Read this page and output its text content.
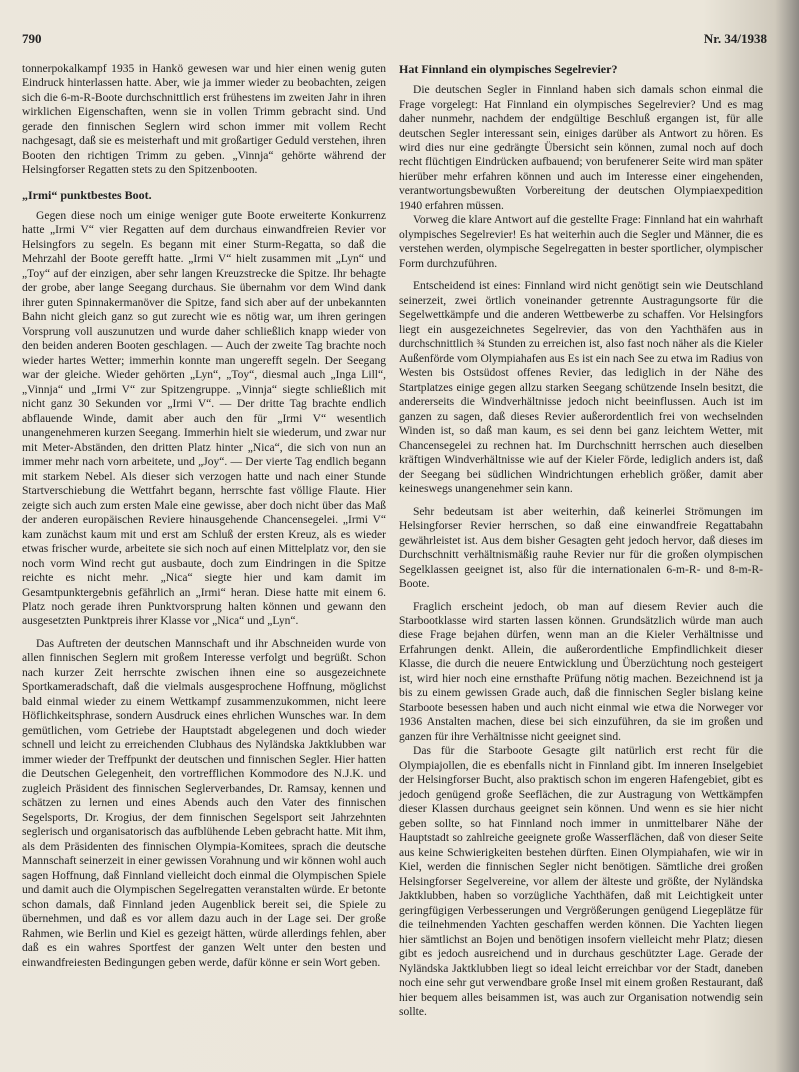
790	Nr. 34/1938

tonnerpokalkampf 1935 in Hankö gewesen war und hier einen wenig guten Eindruck hinterlassen hatte. Aber, wie ja immer wieder zu beobachten, zeigen sich die 6-m-R-Boote durchschnittlich erst frühestens im zweiten Jahr in ihren wirklichen Eigenschaften, wenn sie in vollen Trimm gebracht sind. Und gerade den finnischen Seglern wird schon immer mit vollem Recht nachgesagt, daß sie es meisterhaft und mit großartiger Geduld verstehen, ihren Booten den richtigen Trimm zu geben. „Vinnja“ gehörte während der Helsingforser Regatten stets zu den Spitzenbooten.

„Irmi“ punktbestes Boot.

Gegen diese noch um einige weniger gute Boote erweiterte Konkurrenz hatte „Irmi V“ vier Regatten auf dem durchaus einwandfreien Revier vor Helsingfors zu segeln. Es begann mit einer Sturm-Regatta, so daß die Mehrzahl der Boote gerefft hatte. „Irmi V“ hielt zusammen mit „Lyn“ und „Toy“ auf der einzigen, aber sehr langen Kreuzstrecke die Spitze. Ihr behagte der grobe, aber lange Seegang durchaus. Sie übernahm vor dem Wind dank ihrer guten Spinnakermanöver die Spitze, fand sich aber auf der unbekannten Bahn nicht gleich ganz so gut zurecht wie es nötig war, um ihren geringen Vorsprung voll auszunutzen und wurde daher schließlich knapp wieder von den beiden anderen Booten geschlagen. — Auch der zweite Tag brachte noch wieder hartes Wetter; immerhin konnte man ungerefft segeln. Der Seegang war der gleiche. Wieder gehörten „Lyn“, „Toy“, diesmal auch „Inga Lill“, „Vinnja“ und „Irmi V“ zur Spitzengruppe. „Vinnja“ siegte schließlich mit nicht ganz 30 Sekunden vor „Irmi V“. — Der dritte Tag brachte endlich abflauende Winde, damit aber auch den für „Irmi V“ wesentlich unangenehmeren kurzen Seegang. Immerhin hielt sie wiederum, und zwar nur mit Meter-Abständen, den dritten Platz hinter „Nica“, die sich von nun an immer mehr nach vorn arbeitete, und „Joy“. — Der vierte Tag endlich begann mit starkem Nebel. Als dieser sich verzogen hatte und nach einer Stunde Startverschiebung die Wettfahrt begann, herrschte fast völlige Flaute. Hier zeigte sich auch zum ersten Male eine gewisse, aber doch nicht über das Maß der anderen europäischen Reviere hinausgehende Chancensegelei. „Irmi V“ kam zunächst kaum mit und erst am Schluß der ersten Kreuz, als es wieder etwas frischer wurde, arbeitete sie sich noch auf einen Mittelplatz vor, den sie noch vorm Wind recht gut ausbaute, doch zum Eindringen in die Spitze reichte es nicht mehr. „Nica“ siegte hier und kam damit im Gesamtpunktergebnis gefährlich an „Irmi“ heran. Diese hatte mit einem 6. Platz noch gerade ihren Punktvorsprung halten können und gewann den ausgesetzten Punktpreis ihrer Klasse vor „Nica“ und „Lyn“.

Das Auftreten der deutschen Mannschaft und ihr Abschneiden wurde von allen finnischen Seglern mit großem Interesse verfolgt und begrüßt. Schon nach kurzer Zeit herrschte zwischen ihnen eine so ausgezeichnete Sportkameradschaft, daß die vielmals ausgesprochene Hoffnung, möglichst bald einmal wieder zu einem Wettkampf zusammenzukommen, nicht leere Höflichkeitsphrase, sondern Ausdruck eines ehrlichen Wunsches war. In dem gemütlichen, vom Getriebe der Hauptstadt abgelegenen und doch wieder schnell und leicht zu erreichenden Clubhaus des Nyländska Jaktklubben war immer wieder der Treffpunkt der deutschen und finnischen Segler. Hier hatten die Deutschen Gelegenheit, den vortrefflichen Kommodore des N.J.K. und zugleich Präsident des finnischen Seglerverbandes, Dr. Ramsay, kennen und schätzen zu lernen und eines Abends auch den Vater des finnischen Segelsports, Dr. Krogius, der dem finnischen Segelsport seit Jahrzehnten seglerisch und organisatorisch das aufblühende Leben gebracht hatte. Mit ihm, als dem Präsidenten des finnischen Olympia-Komitees, sprach die deutsche Mannschaft seinerzeit in einer gewissen Vorahnung und wir können wohl auch sagen Hoffnung, daß Finnland vielleicht doch einmal die Olympischen Spiele und damit auch die Olympischen Segelregatten veranstalten würde. Er betonte schon damals, daß Finnland jeden Augenblick bereit sei, die Spiele zu übernehmen, und daß es vor allem dazu auch in der Lage sei. Der große Rahmen, wie Berlin und Kiel es gezeigt hätten, würde allerdings fehlen, aber daß es ein wahres Sportfest der ganzen Welt unter den besten und einwandfreiesten Bedingungen geben werde, dafür könne er sein Wort geben.

Hat Finnland ein olympisches Segelrevier?

Die deutschen Segler in Finnland haben sich damals schon einmal die Frage vorgelegt: Hat Finnland ein olympisches Segelrevier? Und es mag daher nunmehr, nachdem der endgültige Beschluß ergangen ist, für alle deutschen Segler interessant sein, einiges darüber als Antwort zu hören. Es wird dies nur eine gedrängte Übersicht sein können, zumal noch auf doch recht flüchtigen Eindrücken aufbauend; von berufenerer Seite wird man später hierüber mehr erfahren können und auch im Interesse einer eingehenden, verantwortungsbewußten Vorbereitung der deutschen Olympiaexpedition 1940 erfahren müssen.

Vorweg die klare Antwort auf die gestellte Frage: Finnland hat ein wahrhaft olympisches Segelrevier! Es hat weiterhin auch die Segler und Männer, die es verstehen werden, olympische Segelregatten in bester sportlicher, olympischer Form durchzuführen.

Entscheidend ist eines: Finnland wird nicht genötigt sein wie Deutschland seinerzeit, zwei örtlich voneinander getrennte Austragungsorte für die Segelwettkämpfe und die anderen Wettbewerbe zu schaffen. Vor Helsingfors liegt ein ausgezeichnetes Segelrevier, das von den Yachthäfen aus in durchschnittlich ¾ Stunden zu erreichen ist, also fast noch näher als die Kieler Außenförde vom Olympiahafen aus Es ist ein nach See zu etwa im Radius von Westen bis Ostsüdost offenes Revier, das lediglich in der Nähe des Startplatzes einige gegen allzu starken Seegang schützende Inseln besitzt, die andererseits die Windverhältnisse jedoch nicht beeinflussen. Auch ist im ganzen zu sagen, daß dieses Revier außerordentlich frei von wechselnden Winden ist, so daß man kaum, es sei denn bei ganz leichtem Wetter, mit Chancensegelei zu rechnen hat. Im Durchschnitt herrschen auch dieselben kräftigen Windverhältnisse wie auf der Kieler Förde, lediglich anders ist, daß der Seegang bei südlichen Windrichtungen erheblich größer, damit aber keineswegs unangenehmer sein kann.

Sehr bedeutsam ist aber weiterhin, daß keinerlei Strömungen im Helsingforser Revier herrschen, so daß eine einwandfreie Regattabahn gewährleistet ist. Aus dem bisher Gesagten geht jedoch hervor, daß dieses im Durchschnitt verhältnismäßig rauhe Revier nur für die großen olympischen Segelklassen geeignet ist, also für die internationalen 6-m-R- und 8-m-R-Boote.

Fraglich erscheint jedoch, ob man auf diesem Revier auch die Starbootklasse wird starten lassen können. Grundsätzlich würde man auch diese Frage bejahen dürfen, wenn man an die Kieler Verhältnisse und Erfahrungen denkt. Allein, die außerordentliche Empfindlichkeit dieser Klasse, die durch die neuere Entwicklung und Überzüchtung noch gesteigert ist, wird hier noch eine ernsthafte Prüfung nötig machen. Bezeichnend ist ja bis zu einem gewissen Grade auch, daß die finnischen Segler bislang keine Starboote besessen haben und auch nicht einmal wie etwa die Norweger vor 1936 Anstalten machen, diese bei sich einzuführen, da sie im großen und ganzen für ihre Verhältnisse nicht geeignet sind.

Das für die Starboote Gesagte gilt natürlich erst recht für die Olympiajollen, die es ebenfalls nicht in Finnland gibt. Im inneren Inselgebiet der Helsingforser Bucht, also praktisch schon im engeren Hafengebiet, gibt es jedoch genügend große Seeflächen, die zur Austragung von Wettkämpfen dieser Klassen durchaus geeignet sein können. Und wenn es sie hier nicht geben sollte, so hat Finnland noch immer in unmittelbarer Nähe der Hauptstadt so zahlreiche geeignete große Wasserflächen, daß von dieser Seite aus keine Schwierigkeiten bestehen dürften. Einen Olympiahafen, wie wir in Kiel, werden die finnischen Segler nicht benötigen. Sämtliche drei großen Helsingforser Segelvereine, vor allem der älteste und größte, der Nyländska Jaktklubben, haben so vorzügliche Yachthäfen, daß mit Leichtigkeit unter geringfügigen Verbesserungen und Vergrößerungen genügend Liegeplätze für die teilnehmenden Yachten geschaffen werden können. Die Yachten liegen hier sämtlichst an Bojen und benötigen insofern vielleicht mehr Platz; diesen gibt es jedoch ausreichend und in durchaus geschützter Lage. Gerade der Nyländska Jaktklubben liegt so ideal leicht erreichbar vor der Stadt, daneben noch eine sehr gut verwendbare große Insel mit einem großen Restaurant, daß hier bequem alles beisammen ist, was auch zur Organisation notwendig sein sollte.
